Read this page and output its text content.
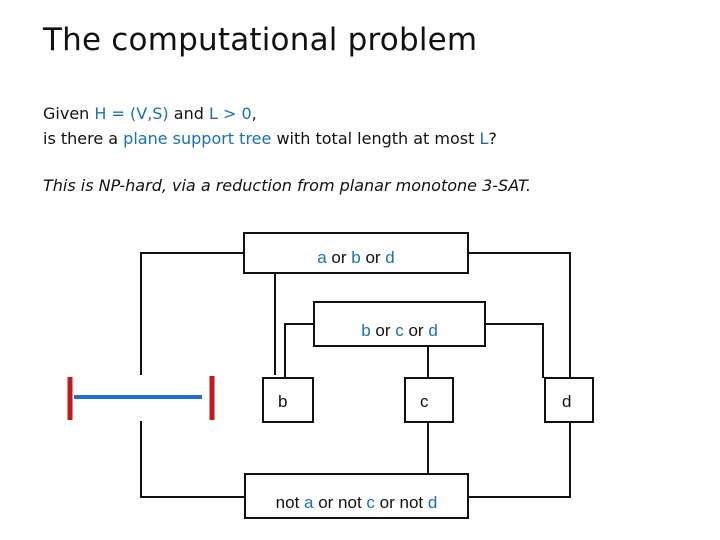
The computational problem
Given H = (V,S) and L > 0,
is there a plane support tree with total length at most L?
This is NP-hard, via a reduction from planar monotone 3-SAT.
a or b or d
b or c or d
not a or not c or not d
b	c	d
